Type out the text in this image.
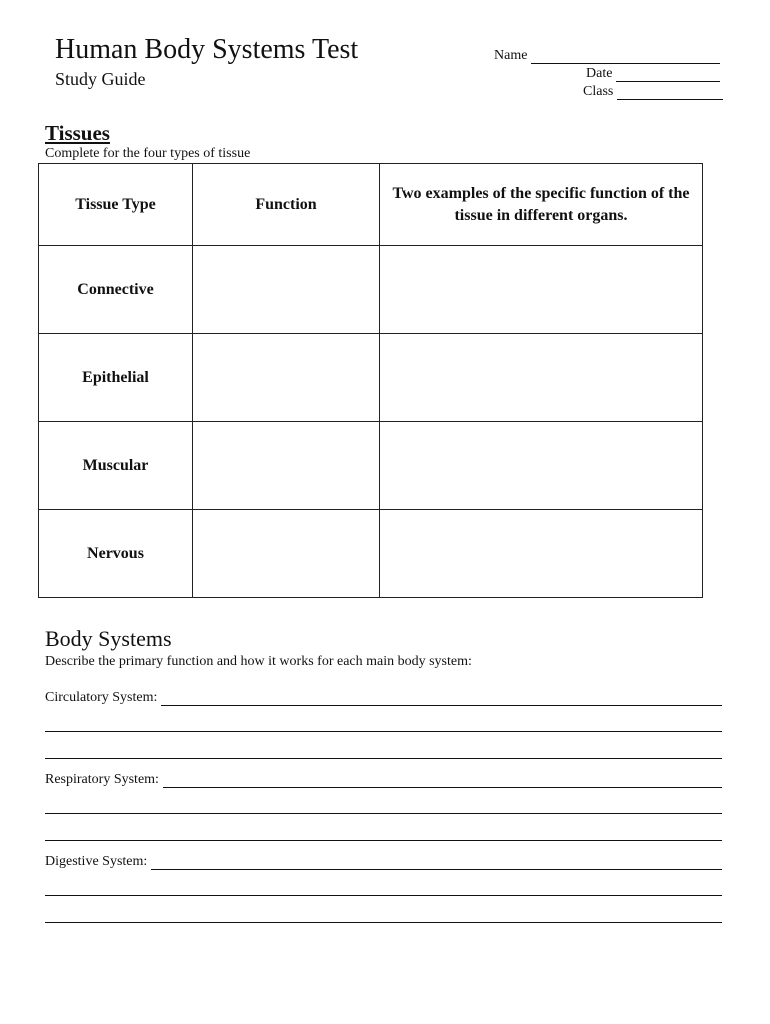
Human Body Systems Test
Study Guide
Name
Date
Class
Tissues
Complete for the four types of tissue
Tissue Type	Function	Two examples of the specific function of the tissue in different organs.
Connective		
Epithelial		
Muscular		
Nervous		
Body Systems
Describe the primary function and how it works for each main body system:
Circulatory System:
Respiratory System:
Digestive System:
